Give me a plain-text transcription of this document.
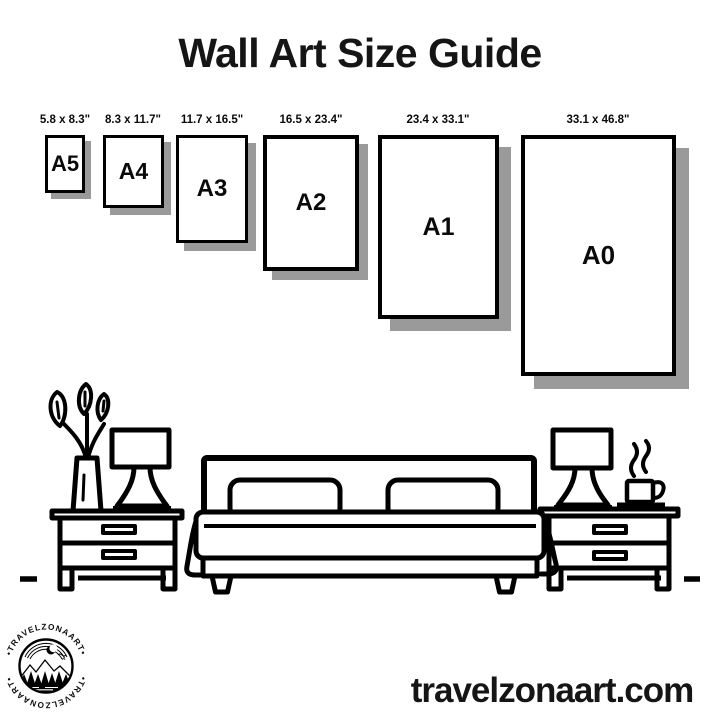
Wall Art Size Guide
5.8 x 8.3"	8.3 x 11.7"	11.7 x 16.5"	16.5 x 23.4"	23.4 x 33.1"	33.1 x 46.8"
A5 A4
A3
A2
A1
A0
•TRAVELZONAART•
•TRAVELZONAART•	travelzonaart.com
